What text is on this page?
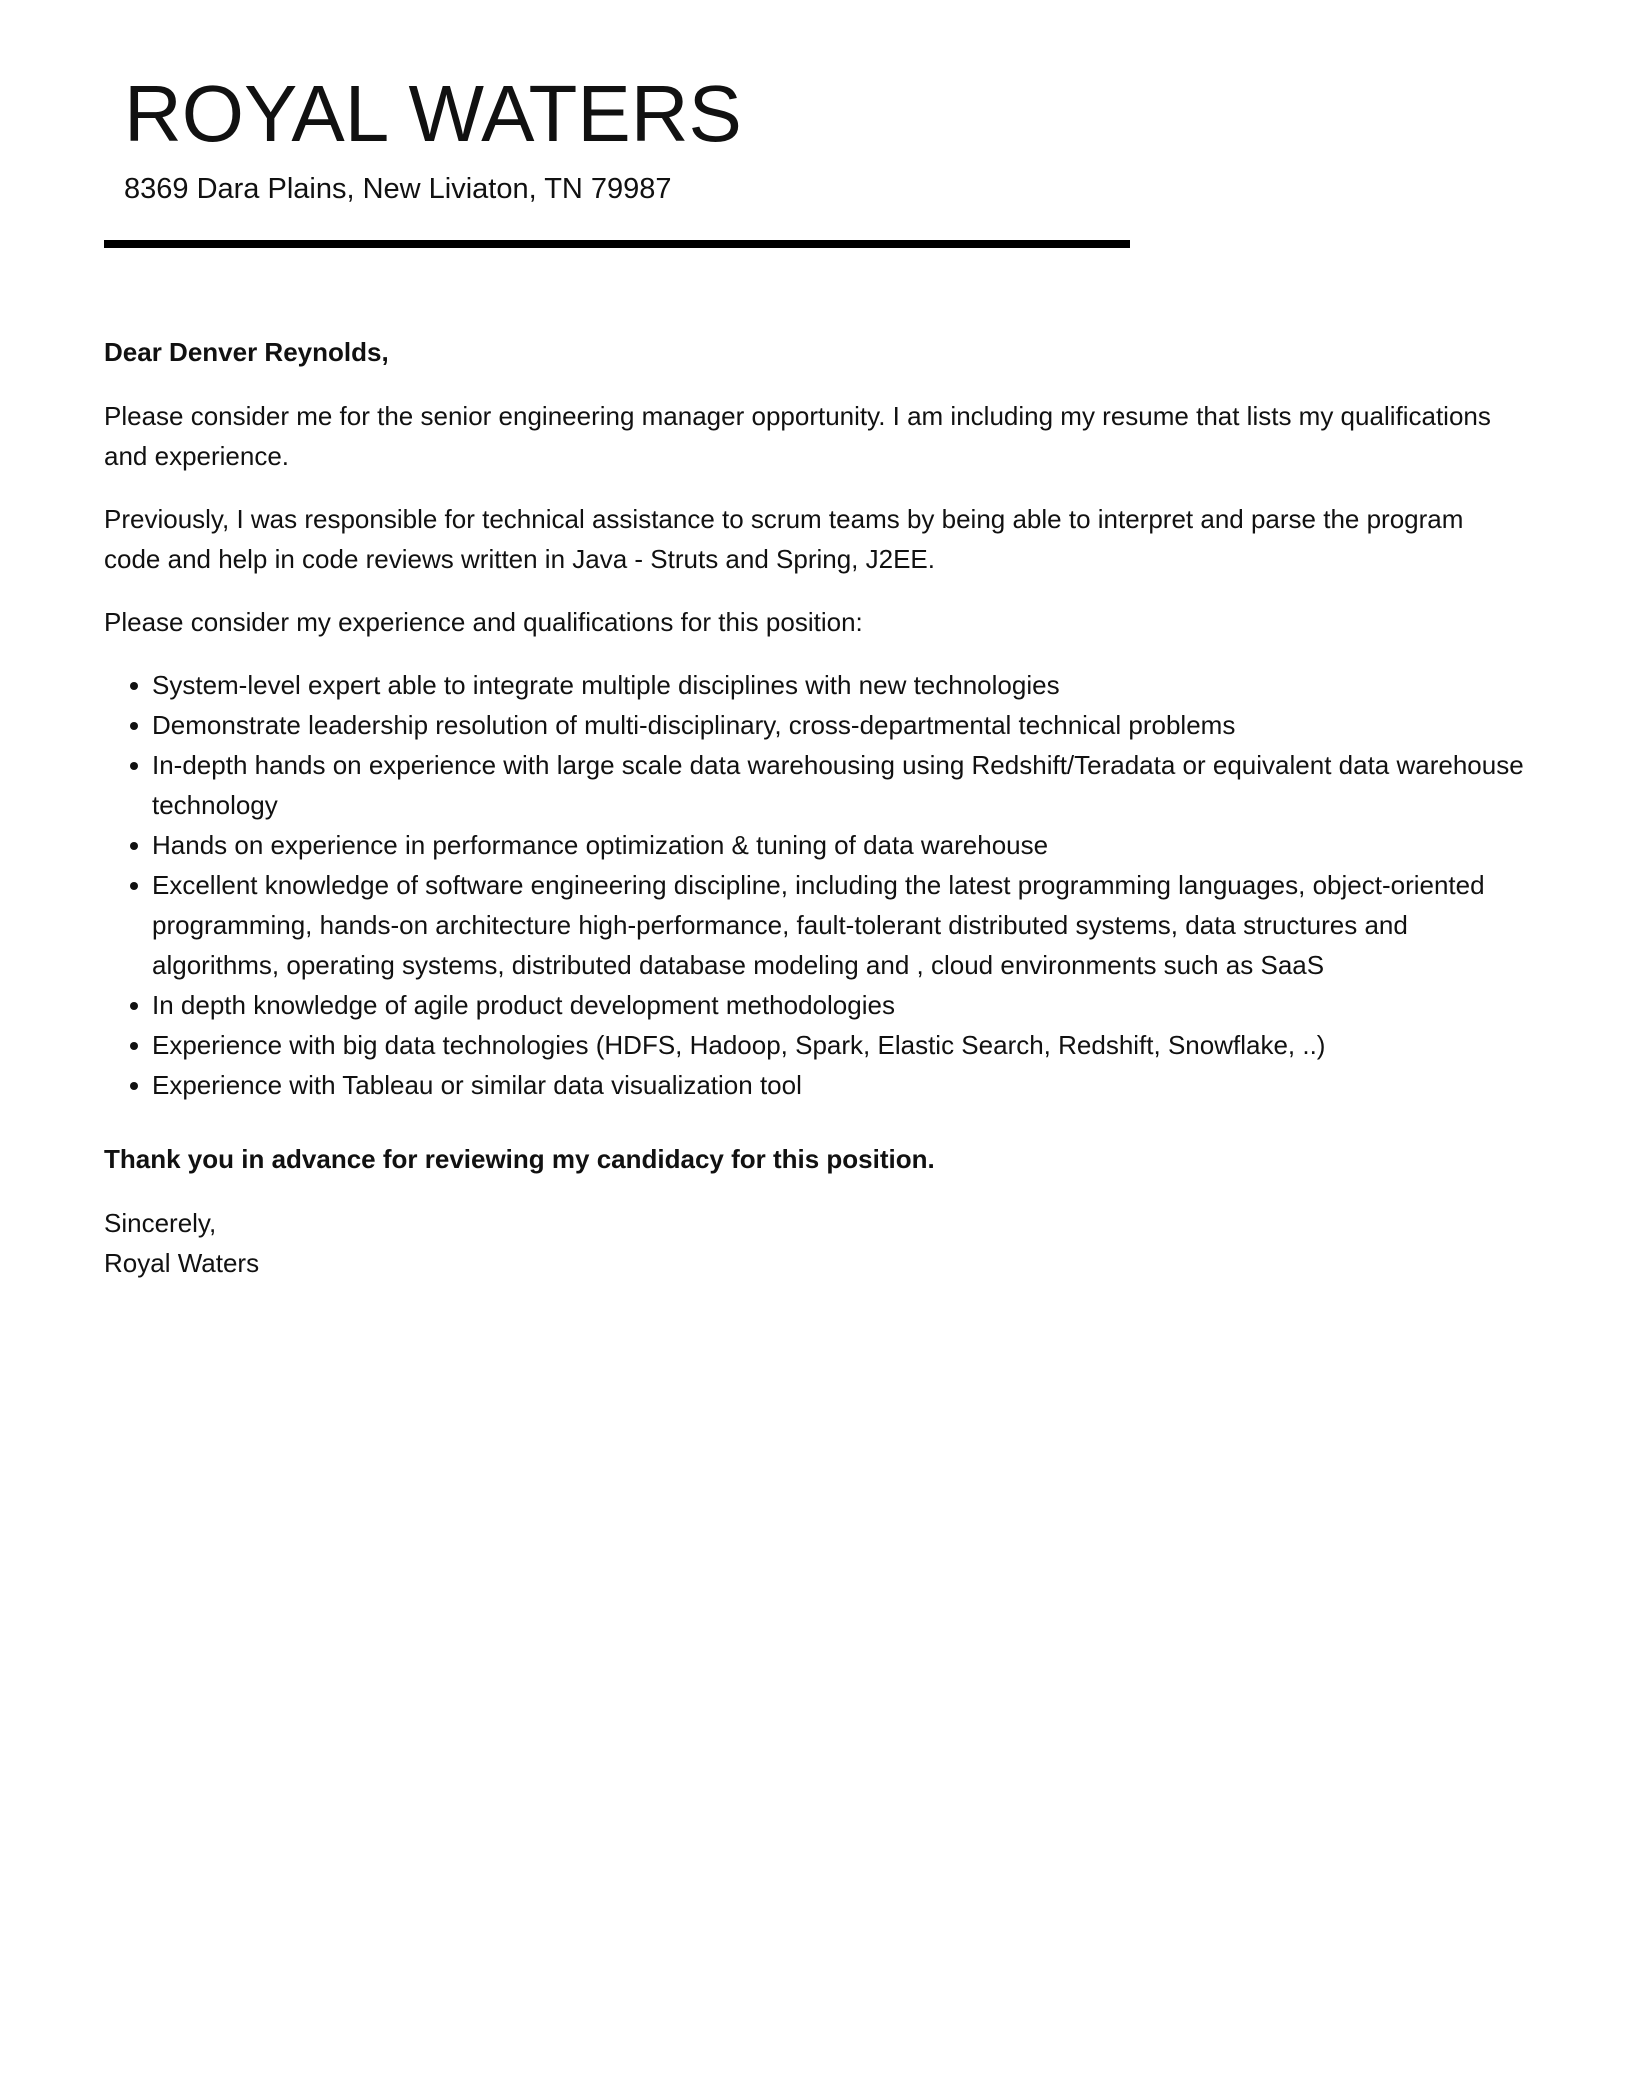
ROYAL WATERS
8369 Dara Plains, New Liviaton, TN 79987

Dear Denver Reynolds,

Please consider me for the senior engineering manager opportunity. I am including my resume that lists my qualifications and experience.

Previously, I was responsible for technical assistance to scrum teams by being able to interpret and parse the program code and help in code reviews written in Java - Struts and Spring, J2EE.

Please consider my experience and qualifications for this position:

System-level expert able to integrate multiple disciplines with new technologies
Demonstrate leadership resolution of multi-disciplinary, cross-departmental technical problems
In-depth hands on experience with large scale data warehousing using Redshift/Teradata or equivalent data warehouse technology
Hands on experience in performance optimization & tuning of data warehouse
Excellent knowledge of software engineering discipline, including the latest programming languages, object-oriented programming, hands-on architecture high-performance, fault-tolerant distributed systems, data structures and algorithms, operating systems, distributed database modeling and , cloud environments such as SaaS
In depth knowledge of agile product development methodologies
Experience with big data technologies (HDFS, Hadoop, Spark, Elastic Search, Redshift, Snowflake, ..)
Experience with Tableau or similar data visualization tool

Thank you in advance for reviewing my candidacy for this position.

Sincerely,
Royal Waters
